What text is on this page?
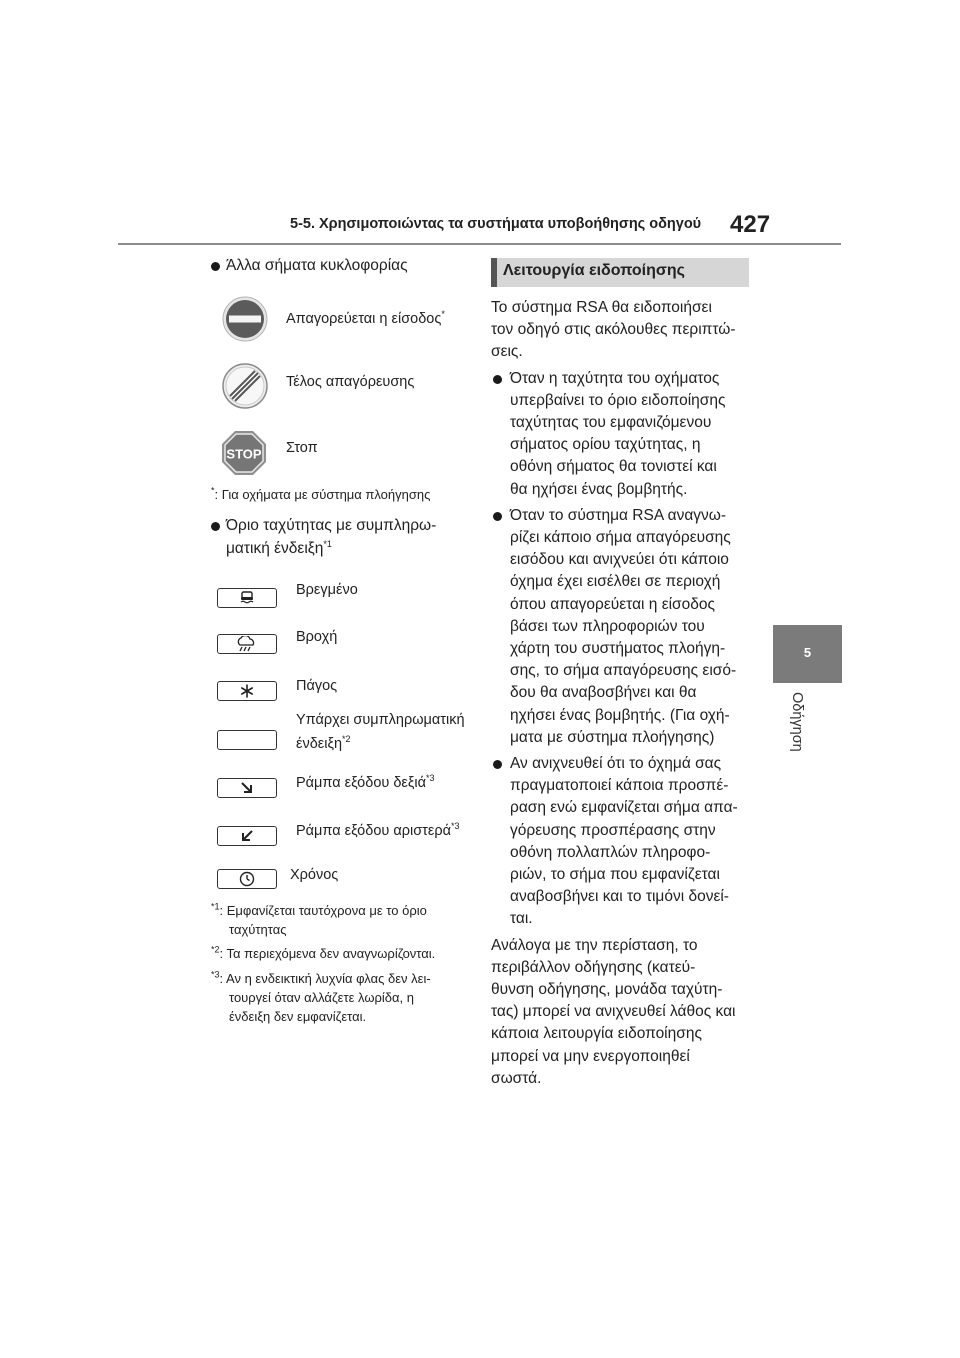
5-5. Χρησιμοποιώντας τα συστήματα υποβοήθησης οδηγού 427
5
Οδήγηση
Άλλα σήματα κυκλοφορίας
Απαγορεύεται η είσοδος*
Τέλος απαγόρευσης
STOP Στοπ
*: Για οχήματα με σύστημα πλοήγησης
Όριο ταχύτητας με συμπληρω-
ματική ένδειξη$^{*1}$
Βρεγμένο
Βροχή
Πάγος
Υπάρχει συμπληρωματική
ένδειξη$^{*2}$
Ράμπα εξόδου δεξιά$^{*3}$
Ράμπα εξόδου αριστερά$^{*3}$
Χρόνος
$^{*1}$: Εμφανίζεται ταυτόχρονα με το όριο
ταχύτητας
$^{*2}$: Τα περιεχόμενα δεν αναγνωρίζονται.
$^{*3}$: Αν η ενδεικτική λυχνία φλας δεν λει-
τουργεί όταν αλλάζετε λωρίδα, η
ένδειξη δεν εμφανίζεται.
Λειτουργία ειδοποίησης
Το σύστημα RSA θα ειδοποιήσει
τον οδηγό στις ακόλουθες περιπτώ-
σεις.
Όταν η ταχύτητα του οχήματος
υπερβαίνει το όριο ειδοποίησης
ταχύτητας του εμφανιζόμενου
σήματος ορίου ταχύτητας, η
οθόνη σήματος θα τονιστεί και
θα ηχήσει ένας βομβητής.
Όταν το σύστημα RSA αναγνω-
ρίζει κάποιο σήμα απαγόρευσης
εισόδου και ανιχνεύει ότι κάποιο
όχημα έχει εισέλθει σε περιοχή
όπου απαγορεύεται η είσοδος
βάσει των πληροφοριών του
χάρτη του συστήματος πλοήγη-
σης, το σήμα απαγόρευσης εισό-
δου θα αναβοσβήνει και θα
ηχήσει ένας βομβητής. (Για οχή-
ματα με σύστημα πλοήγησης)
Αν ανιχνευθεί ότι το όχημά σας
πραγματοποιεί κάποια προσπέ-
ραση ενώ εμφανίζεται σήμα απα-
γόρευσης προσπέρασης στην
οθόνη πολλαπλών πληροφο-
ριών, το σήμα που εμφανίζεται
αναβοσβήνει και το τιμόνι δονεί-
ται.
Ανάλογα με την περίσταση, το
περιβάλλον οδήγησης (κατεύ-
θυνση οδήγησης, μονάδα ταχύτη-
τας) μπορεί να ανιχνευθεί λάθος και
κάποια λειτουργία ειδοποίησης
μπορεί να μην ενεργοποιηθεί
σωστά.
